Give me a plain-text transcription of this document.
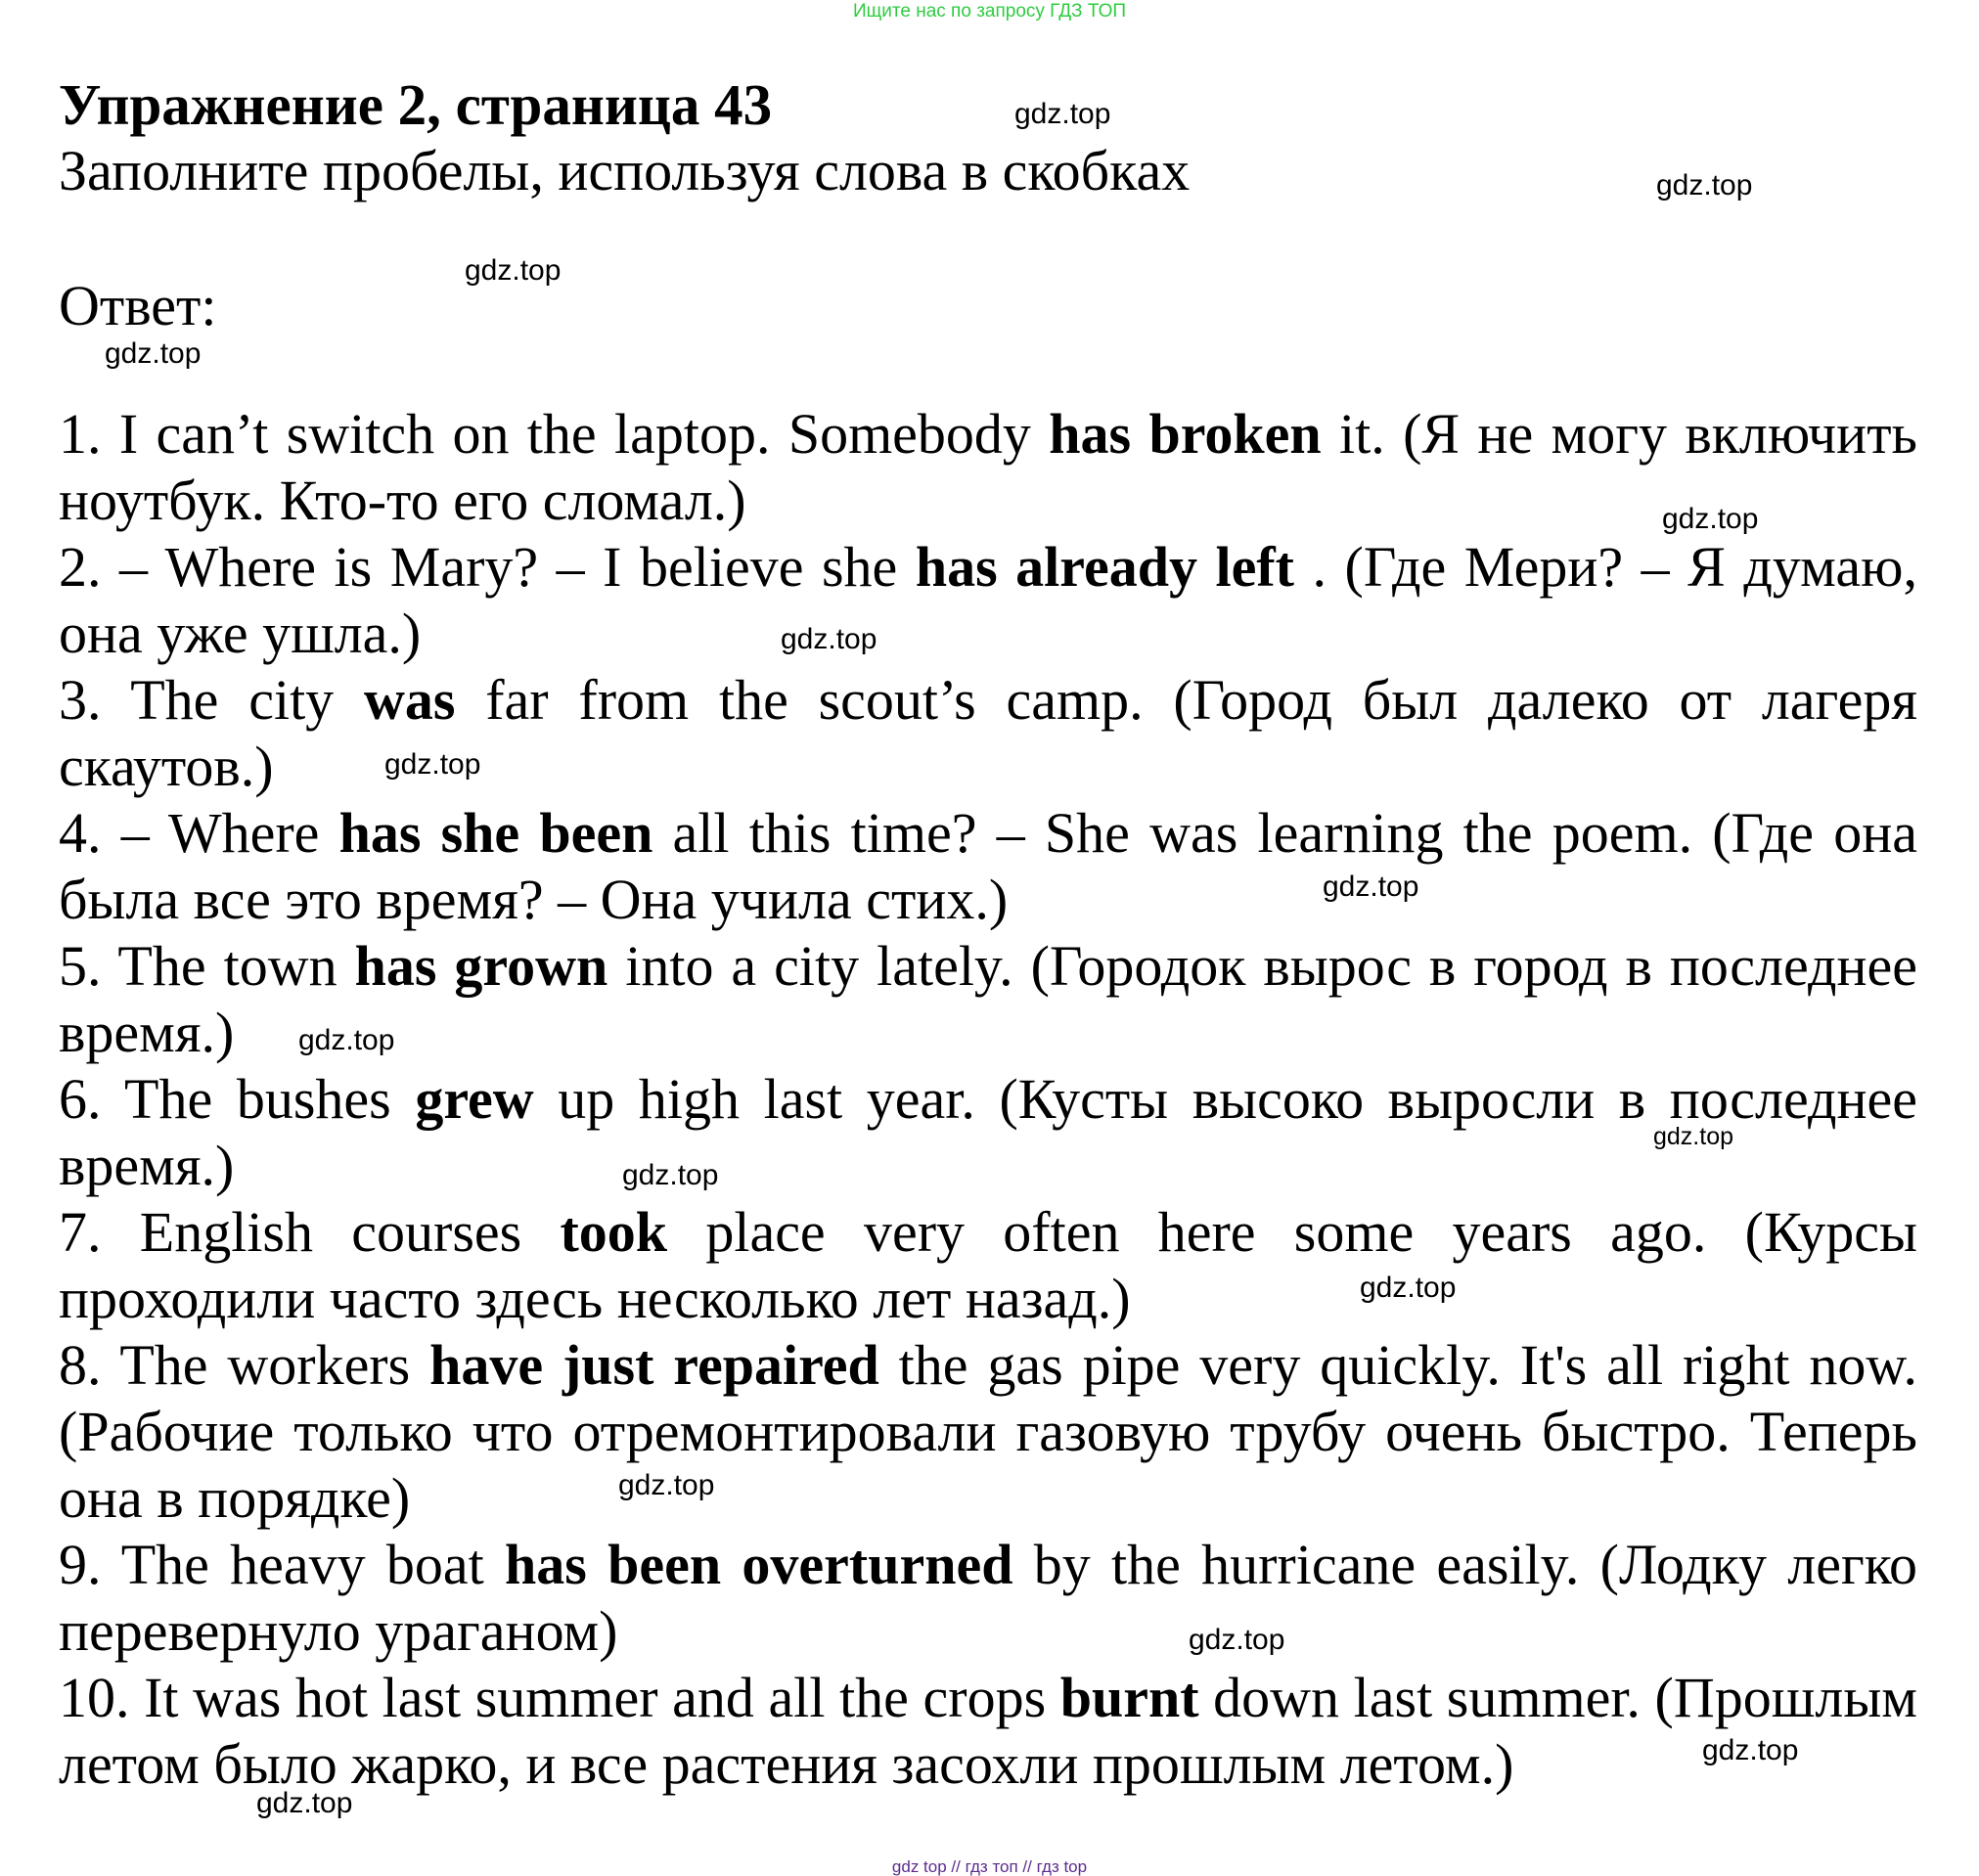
Ищите нас по запросу ГДЗ ТОП
Упражнение 2, страница 43
Заполните пробелы, используя слова в скобках
Ответ:
1. I can’t switch on the laptop. Somebody has broken it. (Я не могу включить ноутбук. Кто-то его сломал.)
2. – Where is Mary? – I believe she has already left . (Где Мери? – Я думаю, она уже ушла.)
3. The city was far from the scout’s camp. (Город был далеко от лагеря скаутов.)
4. – Where has she been all this time? – She was learning the poem. (Где она была все это время? – Она учила стих.)
5. The town has grown into a city lately. (Городок вырос в город в последнее время.)
6. The bushes grew up high last year. (Кусты высоко выросли в последнее время.)
7. English courses took place very often here some years ago. (Курсы проходили часто здесь несколько лет назад.)
8. The workers have just repaired the gas pipe very quickly. It's all right now. (Рабочие только что отремонтировали газовую трубу очень быстро. Теперь она в порядке)
9. The heavy boat has been overturned by the hurricane easily. (Лодку легко перевернуло ураганом)
10. It was hot last summer and all the crops burnt down last summer. (Прошлым летом было жарко, и все растения засохли прошлым летом.)
gdz.top
gdz.top
gdz.top
gdz.top
gdz.top
gdz.top
gdz.top
gdz.top
gdz.top
gdz.top
gdz.top
gdz.top
gdz.top
gdz.top
gdz.top
gdz.top
gdz top // гдз топ // гдз top
